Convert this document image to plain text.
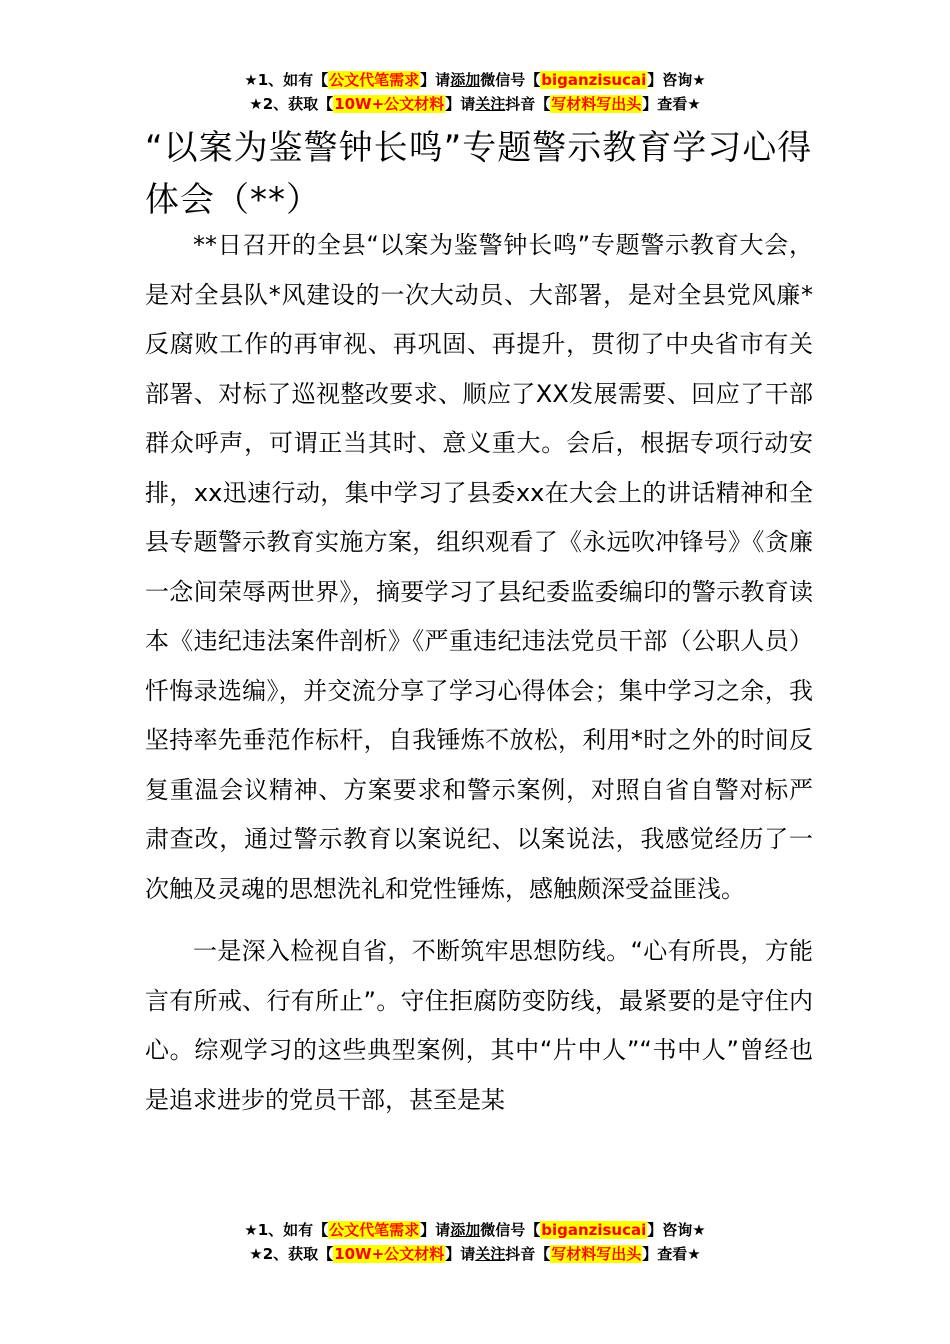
★1、如有【公文代笔需求】请添加微信号【biganzisucai】咨询★
★2、获取【10W+公文材料】请关注抖音【写材料写出头】查看★
“以案为鉴警钟长鸣”专题警示教育学习心得体会（**）

**日召开的全县“以案为鉴警钟长鸣”专题警示教育大会，是对全县队*风建设的一次大动员、大部署，是对全县党风廉*反腐败工作的再审视、再巩固、再提升，贯彻了中央省市有关部署、对标了巡视整改要求、顺应了XX发展需要、回应了干部群众呼声，可谓正当其时、意义重大。会后，根据专项行动安排，xx迅速行动，集中学习了县委xx在大会上的讲话精神和全县专题警示教育实施方案，组织观看了《永远吹冲锋号》《贪廉一念间荣辱两世界》，摘要学习了县纪委监委编印的警示教育读本《违纪违法案件剖析》《严重违纪违法党员干部（公职人员）忏悔录选编》，并交流分享了学习心得体会；集中学习之余，我坚持率先垂范作标杆，自我锤炼不放松，利用*时之外的时间反复重温会议精神、方案要求和警示案例，对照自省自警对标严肃查改，通过警示教育以案说纪、以案说法，我感觉经历了一次触及灵魂的思想洗礼和党性锤炼，感触颇深受益匪浅。

一是深入检视自省，不断筑牢思想防线。“心有所畏，方能言有所戒、行有所止”。守住拒腐防变防线，最紧要的是守住内心。综观学习的这些典型案例，其中“片中人”“书中人”曾经也是追求进步的党员干部，甚至是某

★1、如有【公文代笔需求】请添加微信号【biganzisucai】咨询★
★2、获取【10W+公文材料】请关注抖音【写材料写出头】查看★
